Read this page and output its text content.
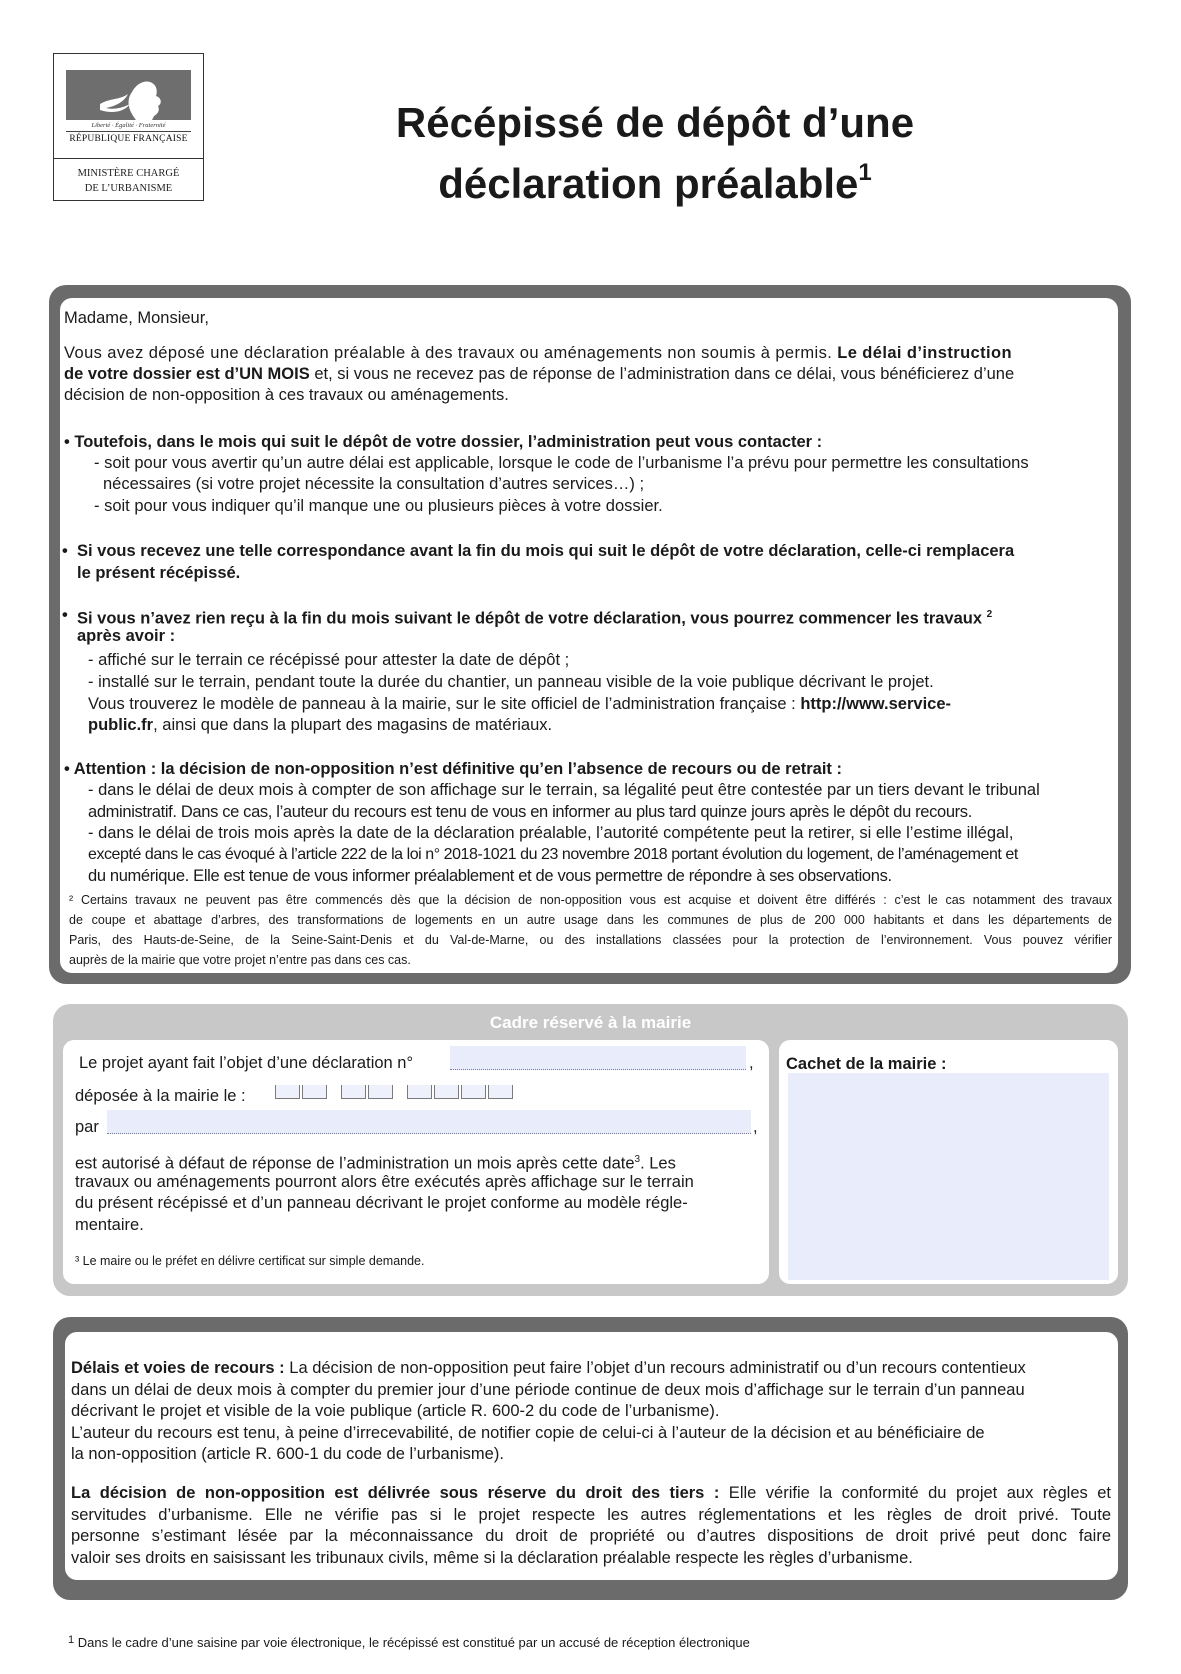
Liberté · Égalité · Fraternité
RÉPUBLIQUE FRANÇAISE
MINISTÈRE CHARGÉ
DE L’URBANISME
Récépissé de dépôt d’une
déclaration préalable$^1$
Madame, Monsieur,
Vous avez déposé une déclaration préalable à des travaux ou aménagements non soumis à permis. Le délai d’instruction
de votre dossier est d’UN MOIS et, si vous ne recevez pas de réponse de l’administration dans ce délai, vous bénéficierez d’une
décision de non-opposition à ces travaux ou aménagements.
• Toutefois, dans le mois qui suit le dépôt de votre dossier, l’administration peut vous contacter :
- soit pour vous avertir qu’un autre délai est applicable, lorsque le code de l’urbanisme l’a prévu pour permettre les consultations
nécessaires (si votre projet nécessite la consultation d’autres services…) ;
- soit pour vous indiquer qu’il manque une ou plusieurs pièces à votre dossier.
• Si vous recevez une telle correspondance avant la fin du mois qui suit le dépôt de votre déclaration, celle-ci remplacera
le présent récépissé.
• Si vous n’avez rien reçu à la fin du mois suivant le dépôt de votre déclaration, vous pourrez commencer les travaux $^2$
après avoir :
- affiché sur le terrain ce récépissé pour attester la date de dépôt ;
- installé sur le terrain, pendant toute la durée du chantier, un panneau visible de la voie publique décrivant le projet.
Vous trouverez le modèle de panneau à la mairie, sur le site officiel de l’administration française : http://www.service-
public.fr, ainsi que dans la plupart des magasins de matériaux.
• Attention : la décision de non-opposition n’est définitive qu’en l’absence de recours ou de retrait :
- dans le délai de deux mois à compter de son affichage sur le terrain, sa légalité peut être contestée par un tiers devant le tribunal
administratif. Dans ce cas, l’auteur du recours est tenu de vous en informer au plus tard quinze jours après le dépôt du recours.
- dans le délai de trois mois après la date de la déclaration préalable, l’autorité compétente peut la retirer, si elle l’estime illégal,
excepté dans le cas évoqué à l’article 222 de la loi n° 2018-1021 du 23 novembre 2018 portant évolution du logement, de l’aménagement et
du numérique. Elle est tenue de vous informer préalablement et de vous permettre de répondre à ses observations.
² Certains travaux ne peuvent pas être commencés dès que la décision de non-opposition vous est acquise et doivent être différés : c’est le cas notamment des travaux
de coupe et abattage d’arbres, des transformations de logements en un autre usage dans les communes de plus de 200 000 habitants et dans les départements de
Paris, des Hauts-de-Seine, de la Seine-Saint-Denis et du Val-de-Marne, ou des installations classées pour la protection de l’environnement. Vous pouvez vérifier
auprès de la mairie que votre projet n’entre pas dans ces cas.
Cadre réservé à la mairie
Le projet ayant fait l’objet d’une déclaration n°	,
déposée à la mairie le :
par	,
est autorisé à défaut de réponse de l’administration un mois après cette date$^3$. Les
travaux ou aménagements pourront alors être exécutés après affichage sur le terrain
du présent récépissé et d’un panneau décrivant le projet conforme au modèle régle-
mentaire.
³ Le maire ou le préfet en délivre certificat sur simple demande.
Cachet de la mairie :
Délais et voies de recours : La décision de non-opposition peut faire l’objet d’un recours administratif ou d’un recours contentieux
dans un délai de deux mois à compter du premier jour d’une période continue de deux mois d’affichage sur le terrain d’un panneau
décrivant le projet et visible de la voie publique (article R. 600-2 du code de l’urbanisme).
L’auteur du recours est tenu, à peine d’irrecevabilité, de notifier copie de celui-ci à l’auteur de la décision et au bénéficiaire de
la non-opposition (article R. 600-1 du code de l’urbanisme).
La décision de non-opposition est délivrée sous réserve du droit des tiers : Elle vérifie la conformité du projet aux règles et
servitudes d’urbanisme. Elle ne vérifie pas si le projet respecte les autres réglementations et les règles de droit privé. Toute
personne s’estimant lésée par la méconnaissance du droit de propriété ou d’autres dispositions de droit privé peut donc faire
valoir ses droits en saisissant les tribunaux civils, même si la déclaration préalable respecte les règles d’urbanisme.
$^1$ Dans le cadre d’une saisine par voie électronique, le récépissé est constitué par un accusé de réception électronique
